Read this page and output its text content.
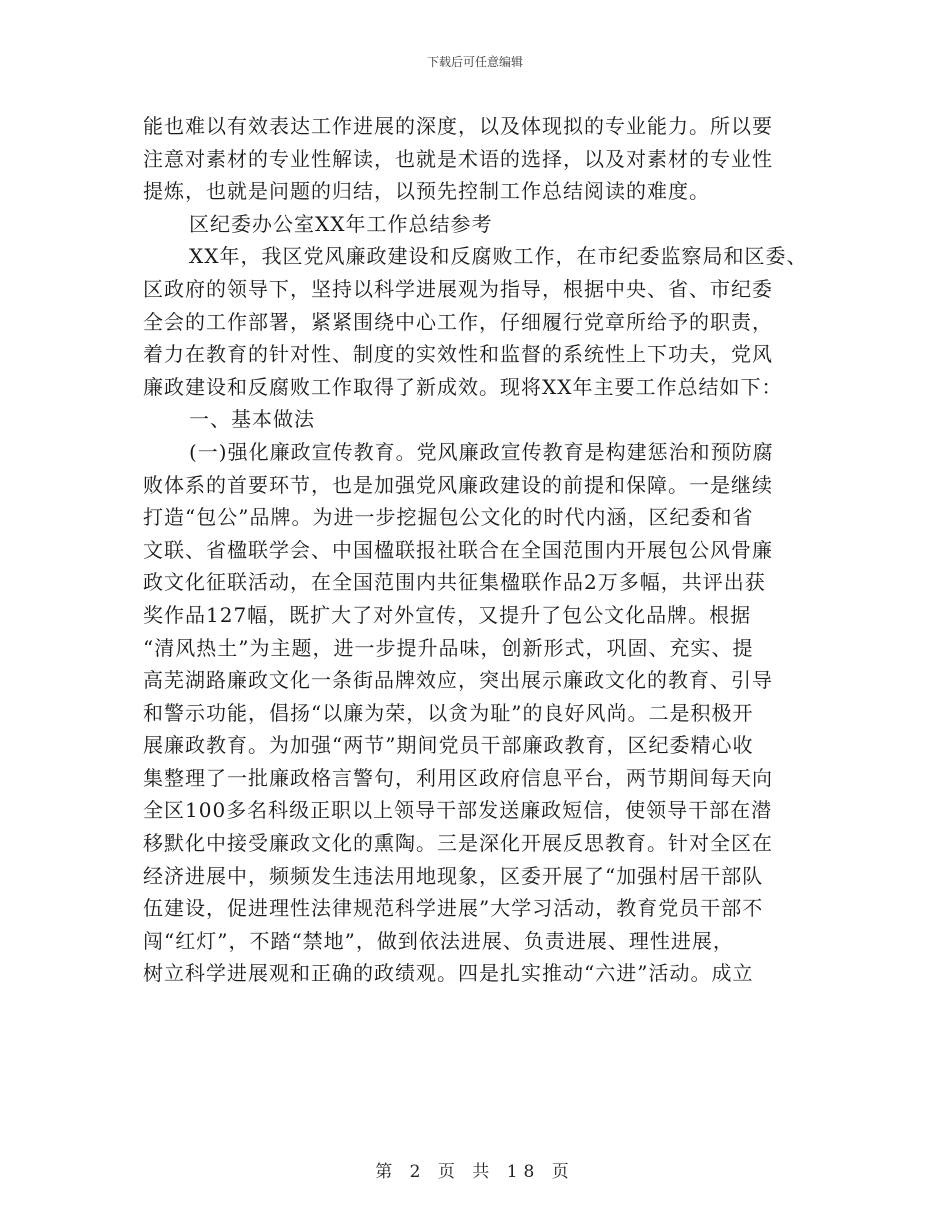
下载后可任意编辑
能也难以有效表达工作进展的深度，以及体现拟的专业能力。所以要
注意对素材的专业性解读，也就是术语的选择，以及对素材的专业性
提炼，也就是问题的归结，以预先控制工作总结阅读的难度。
区纪委办公室XX年工作总结参考
XX年，我区党风廉政建设和反腐败工作，在市纪委监察局和区委、
区政府的领导下，坚持以科学进展观为指导，根据中央、省、市纪委
全会的工作部署，紧紧围绕中心工作，仔细履行党章所给予的职责，
着力在教育的针对性、制度的实效性和监督的系统性上下功夫，党风
廉政建设和反腐败工作取得了新成效。现将XX年主要工作总结如下：
一、基本做法
(一)强化廉政宣传教育。党风廉政宣传教育是构建惩治和预防腐
败体系的首要环节，也是加强党风廉政建设的前提和保障。一是继续
打造“包公”品牌。为进一步挖掘包公文化的时代内涵，区纪委和省
文联、省楹联学会、中国楹联报社联合在全国范围内开展包公风骨廉
政文化征联活动，在全国范围内共征集楹联作品2万多幅，共评出获
奖作品127幅，既扩大了对外宣传，又提升了包公文化品牌。根据
“清风热土”为主题，进一步提升品味，创新形式，巩固、充实、提
高芜湖路廉政文化一条街品牌效应，突出展示廉政文化的教育、引导
和警示功能，倡扬“以廉为荣，以贪为耻”的良好风尚。二是积极开
展廉政教育。为加强“两节”期间党员干部廉政教育，区纪委精心收
集整理了一批廉政格言警句，利用区政府信息平台，两节期间每天向
全区100多名科级正职以上领导干部发送廉政短信，使领导干部在潜
移默化中接受廉政文化的熏陶。三是深化开展反思教育。针对全区在
经济进展中，频频发生违法用地现象，区委开展了“加强村居干部队
伍建设，促进理性法律规范科学进展”大学习活动，教育党员干部不
闯“红灯”，不踏“禁地”，做到依法进展、负责进展、理性进展，
树立科学进展观和正确的政绩观。四是扎实推动“六进”活动。成立
第 2 页 共 18 页
